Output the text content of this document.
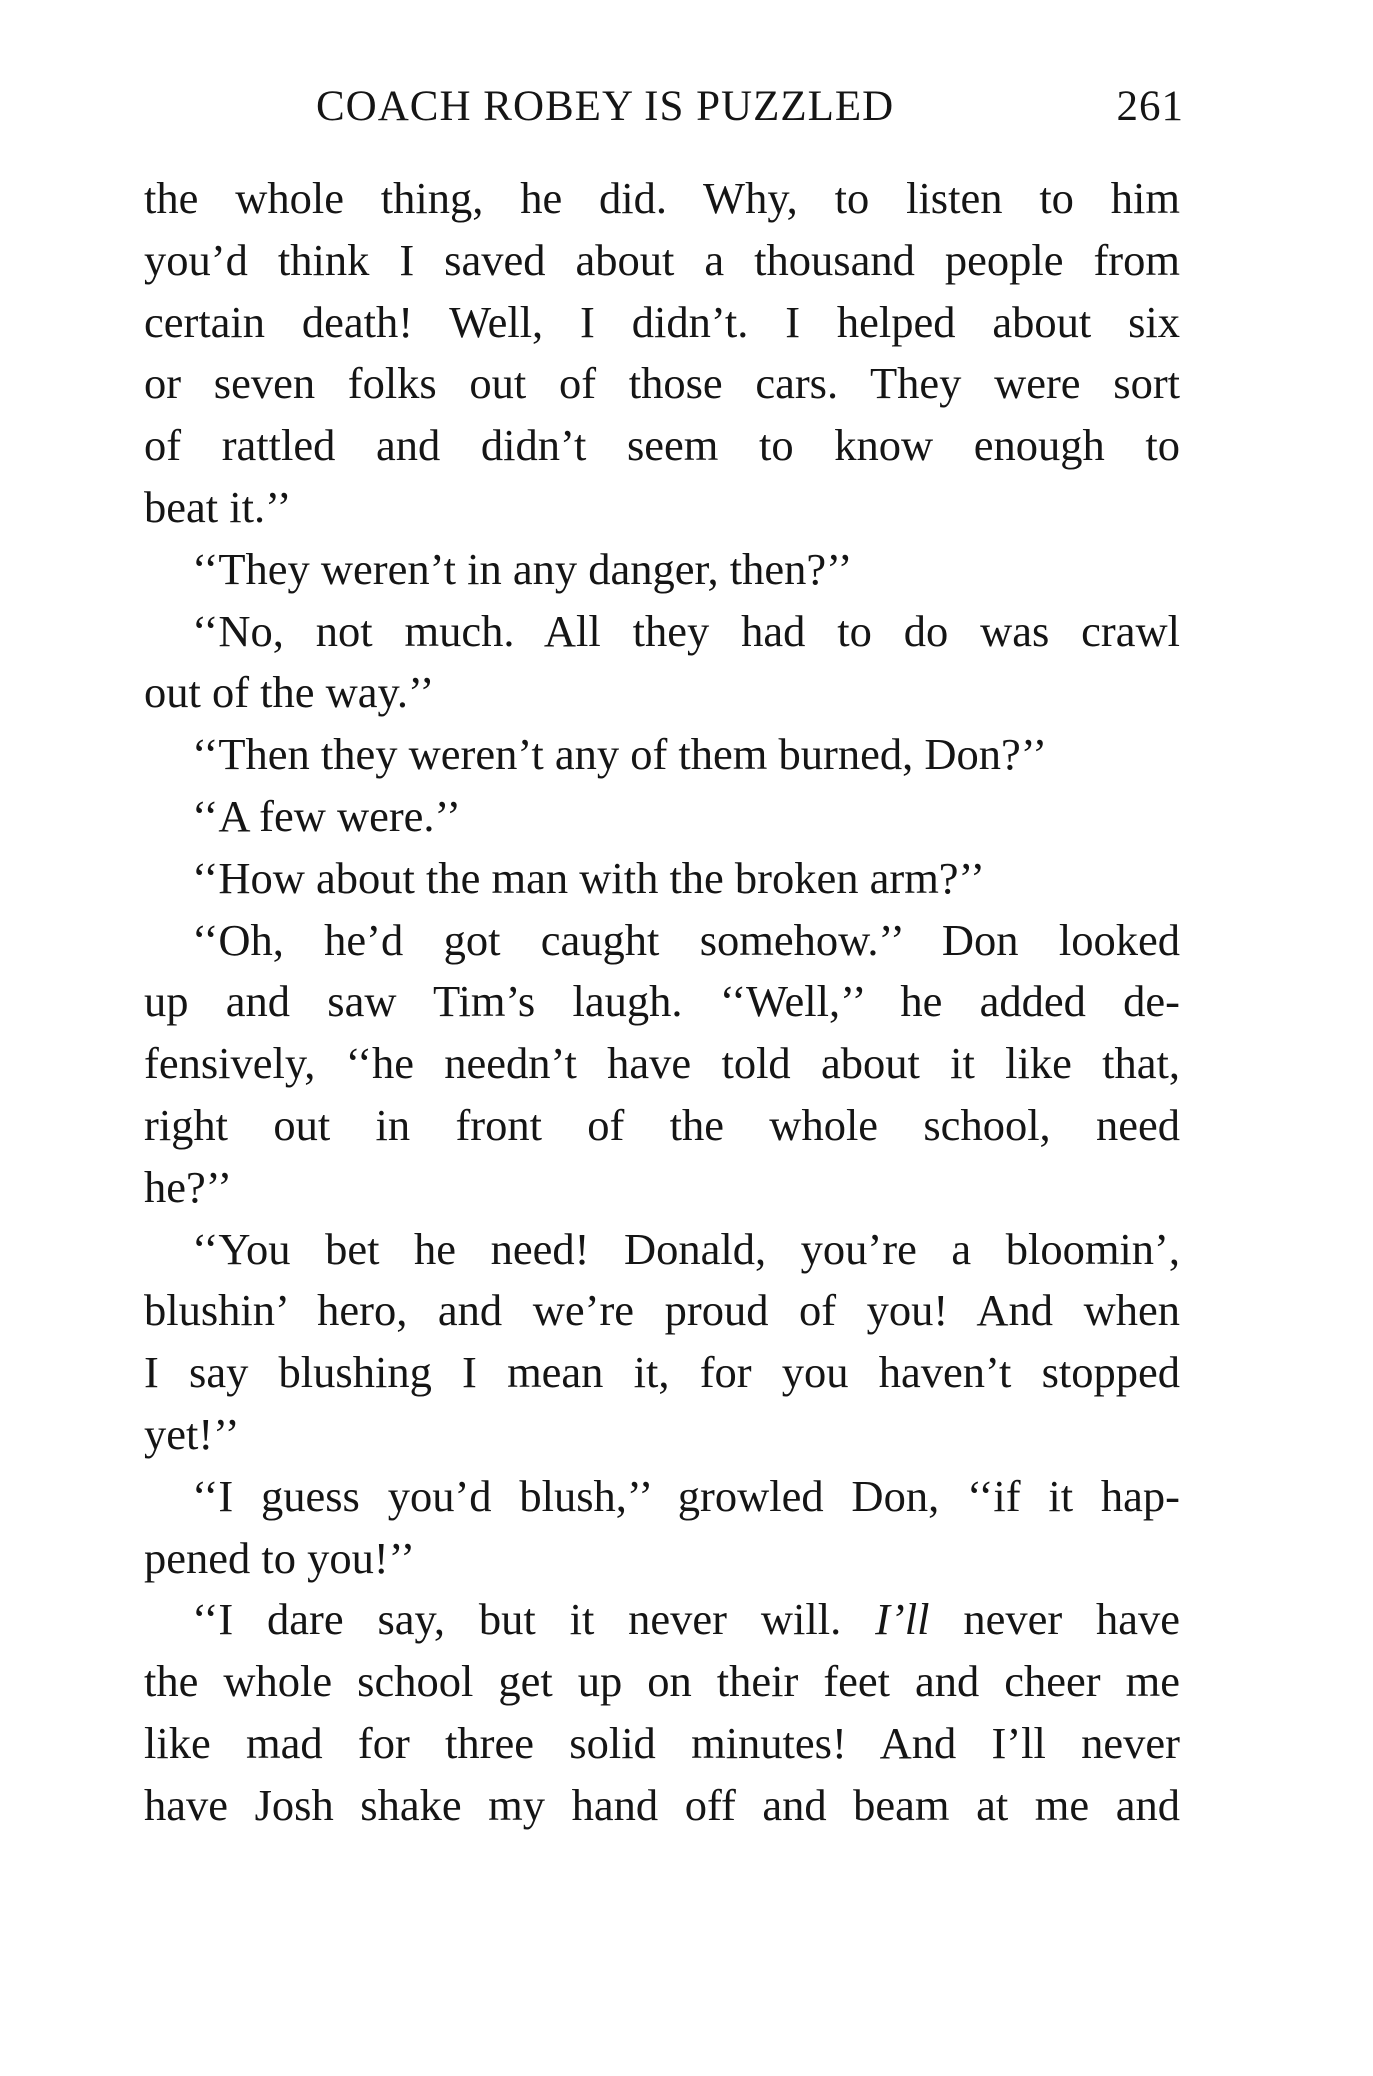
COACH ROBEY IS PUZZLED	261
the whole thing, he did. Why, to listen to him
you’d think I saved about a thousand people from
certain death! Well, I didn’t. I helped about six
or seven folks out of those cars. They were sort
of rattled and didn’t seem to know enough to
beat it.’’
‘‘They weren’t in any danger, then?’’
‘‘No, not much. All they had to do was crawl
out of the way.’’
‘‘Then they weren’t any of them burned, Don?’’
‘‘A few were.’’
‘‘How about the man with the broken arm?’’
‘‘Oh, he’d got caught somehow.’’ Don looked
up and saw Tim’s laugh. ‘‘Well,’’ he added de-
fensively, ‘‘he needn’t have told about it like that,
right out in front of the whole school, need
he?’’
‘‘You bet he need! Donald, you’re a bloomin’,
blushin’ hero, and we’re proud of you! And when
I say blushing I mean it, for you haven’t stopped
yet!’’
‘‘I guess you’d blush,’’ growled Don, ‘‘if it hap-
pened to you!’’
‘‘I dare say, but it never will. I’ll never have
the whole school get up on their feet and cheer me
like mad for three solid minutes! And I’ll never
have Josh shake my hand off and beam at me and
